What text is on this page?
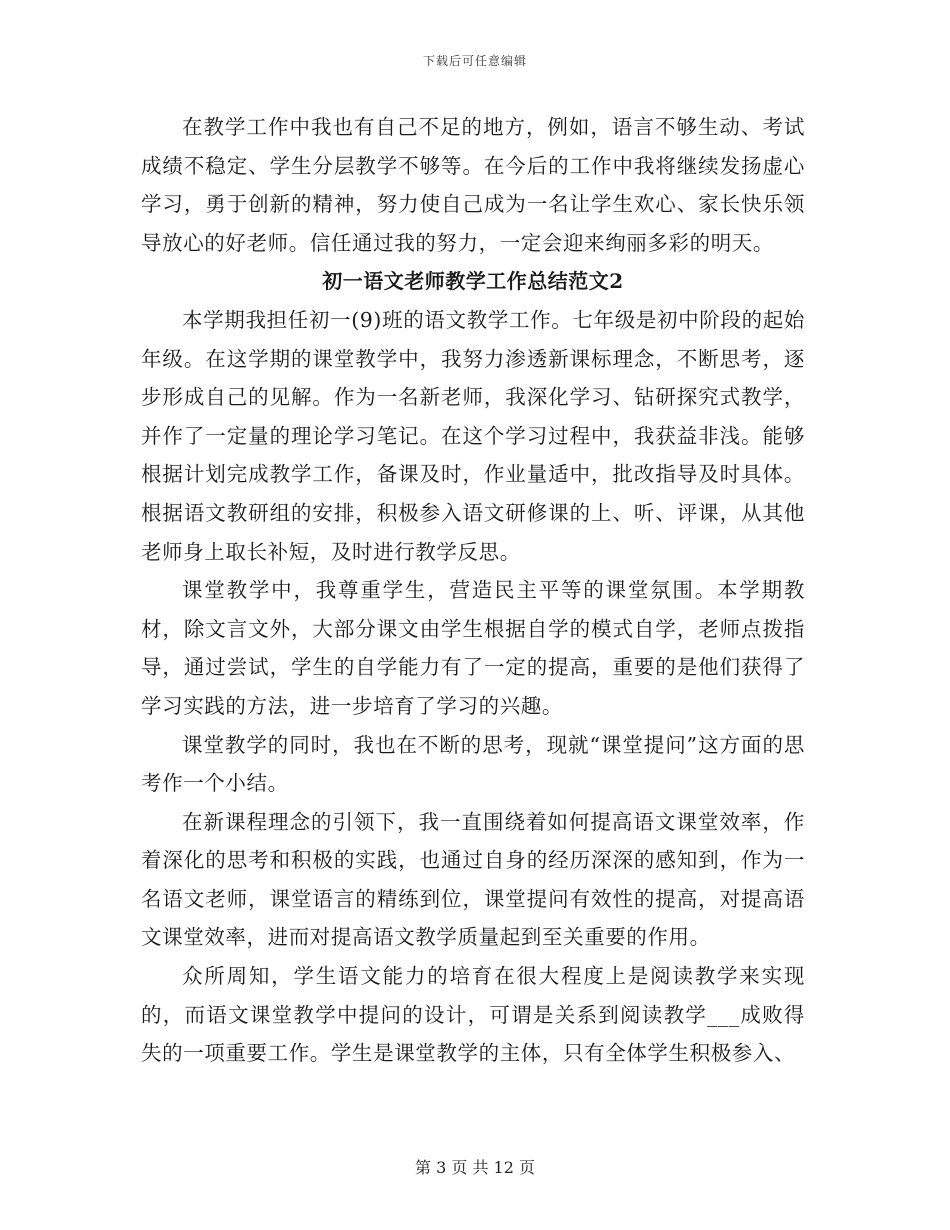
下载后可任意编辑

在教学工作中我也有自己不足的地方，例如，语言不够生动、考试成绩不稳定、学生分层教学不够等。在今后的工作中我将继续发扬虚心学习，勇于创新的精神，努力使自己成为一名让学生欢心、家长快乐领导放心的好老师。信任通过我的努力，一定会迎来绚丽多彩的明天。

初一语文老师教学工作总结范文2

本学期我担任初一(9)班的语文教学工作。七年级是初中阶段的起始年级。在这学期的课堂教学中，我努力渗透新课标理念，不断思考，逐步形成自己的见解。作为一名新老师，我深化学习、钻研探究式教学，并作了一定量的理论学习笔记。在这个学习过程中，我获益非浅。能够根据计划完成教学工作，备课及时，作业量适中，批改指导及时具体。根据语文教研组的安排，积极参入语文研修课的上、听、评课，从其他老师身上取长补短，及时进行教学反思。

课堂教学中，我尊重学生，营造民主平等的课堂氛围。本学期教材，除文言文外，大部分课文由学生根据自学的模式自学，老师点拨指导，通过尝试，学生的自学能力有了一定的提高，重要的是他们获得了学习实践的方法，进一步培育了学习的兴趣。

课堂教学的同时，我也在不断的思考，现就“课堂提问”这方面的思考作一个小结。

在新课程理念的引领下，我一直围绕着如何提高语文课堂效率，作着深化的思考和积极的实践，也通过自身的经历深深的感知到，作为一名语文老师，课堂语言的精练到位，课堂提问有效性的提高，对提高语文课堂效率，进而对提高语文教学质量起到至关重要的作用。

众所周知，学生语文能力的培育在很大程度上是阅读教学来实现的，而语文课堂教学中提问的设计，可谓是关系到阅读教学___成败得失的一项重要工作。学生是课堂教学的主体，只有全体学生积极参入、

第 3 页 共 12 页
